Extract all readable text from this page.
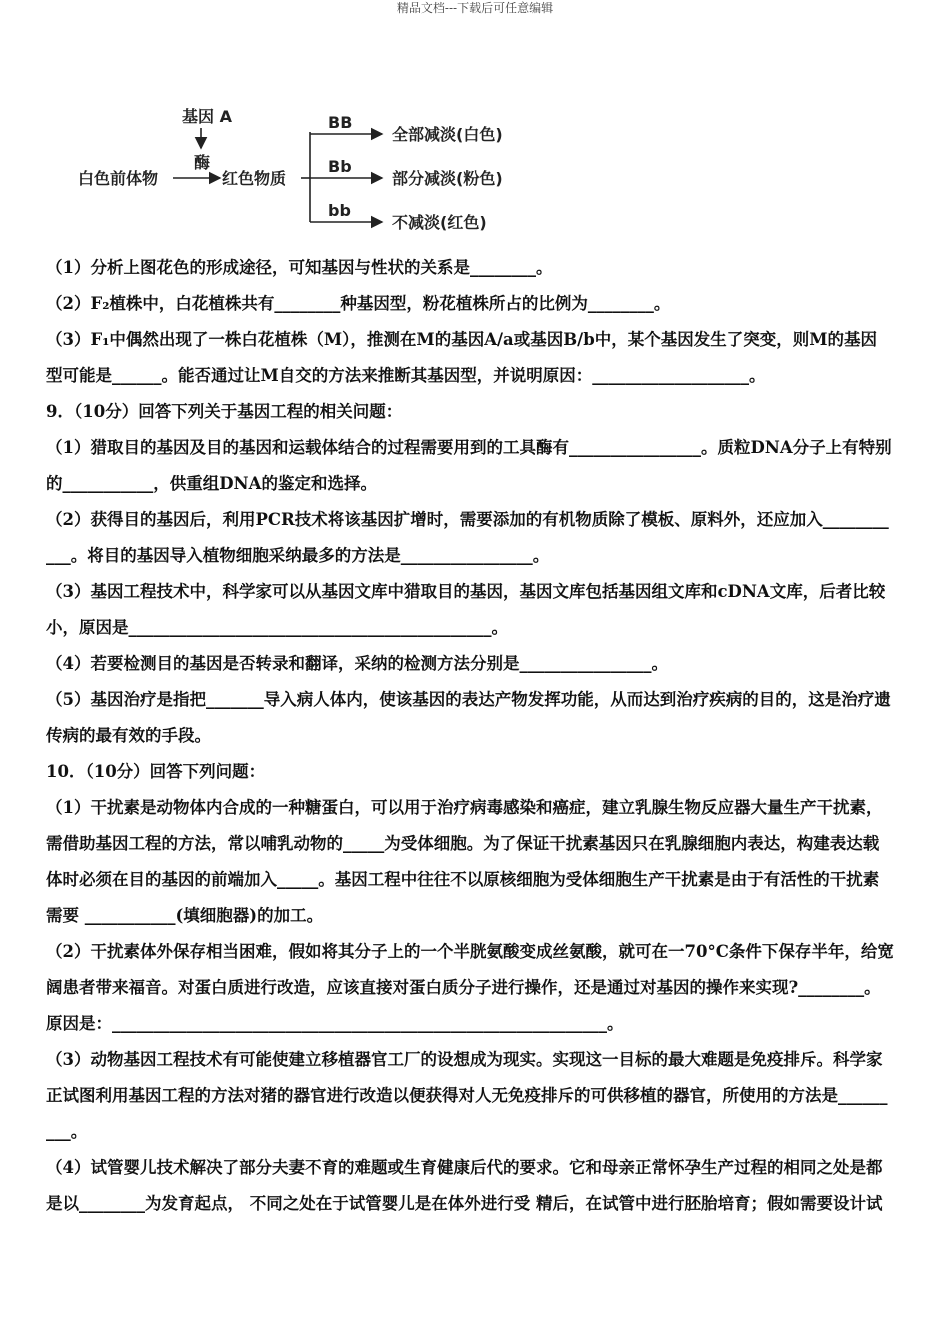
精品文档---下载后可任意编辑
基因 A
酶
白色前体物	红色物质
BB
全部减淡(白色)
Bb
部分减淡(粉色)
bb
不减淡(红色)

（1）分析上图花色的形成途径，可知基因与性状的关系是________。

（2）F₂植株中，白花植株共有________种基因型，粉花植株所占的比例为________。

（3）F₁中偶然出现了一株白花植株（M），推测在M的基因A/a或基因B/b中，某个基因发生了突变，则M的基因

型可能是______。能否通过让M自交的方法来推断其基因型，并说明原因：___________________。

9．（10分）回答下列关于基因工程的相关问题：

（1）猎取目的基因及目的基因和运载体结合的过程需要用到的工具酶有________________。质粒DNA分子上有特别

的___________，供重组DNA的鉴定和选择。

（2）获得目的基因后，利用PCR技术将该基因扩增时，需要添加的有机物质除了模板、原料外，还应加入________

___。将目的基因导入植物细胞采纳最多的方法是________________。

（3）基因工程技术中，科学家可以从基因文库中猎取目的基因，基因文库包括基因组文库和cDNA文库，后者比较

小，原因是____________________________________________。

（4）若要检测目的基因是否转录和翻译，采纳的检测方法分别是________________。

（5）基因治疗是指把_______导入病人体内，使该基因的表达产物发挥功能，从而达到治疗疾病的目的，这是治疗遗

传病的最有效的手段。

10．（10分）回答下列问题：

（1）干扰素是动物体内合成的一种糖蛋白，可以用于治疗病毒感染和癌症，建立乳腺生物反应器大量生产干扰素，

需借助基因工程的方法，常以哺乳动物的_____为受体细胞。为了保证干扰素基因只在乳腺细胞内表达，构建表达载

体时必须在目的基因的前端加入_____。基因工程中往往不以原核细胞为受体细胞生产干扰素是由于有活性的干扰素

需要 ___________(填细胞器)的加工。

（2）干扰素体外保存相当困难，假如将其分子上的一个半胱氨酸变成丝氨酸，就可在一70°C条件下保存半年，给宽

阔患者带来福音。对蛋白质进行改造，应该直接对蛋白质分子进行操作，还是通过对基因的操作来实现?________。

原因是：____________________________________________________________。

（3）动物基因工程技术有可能使建立移植器官工厂的设想成为现实。实现这一目标的最大难题是免疫排斥。科学家

正试图利用基因工程的方法对猪的器官进行改造以便获得对人无免疫排斥的可供移植的器官，所使用的方法是______

___。

（4）试管婴儿技术解决了部分夫妻不育的难题或生育健康后代的要求。它和母亲正常怀孕生产过程的相同之处是都

是以________为发育起点， 不同之处在于试管婴儿是在体外进行受 精后，在试管中进行胚胎培育；假如需要设计试
